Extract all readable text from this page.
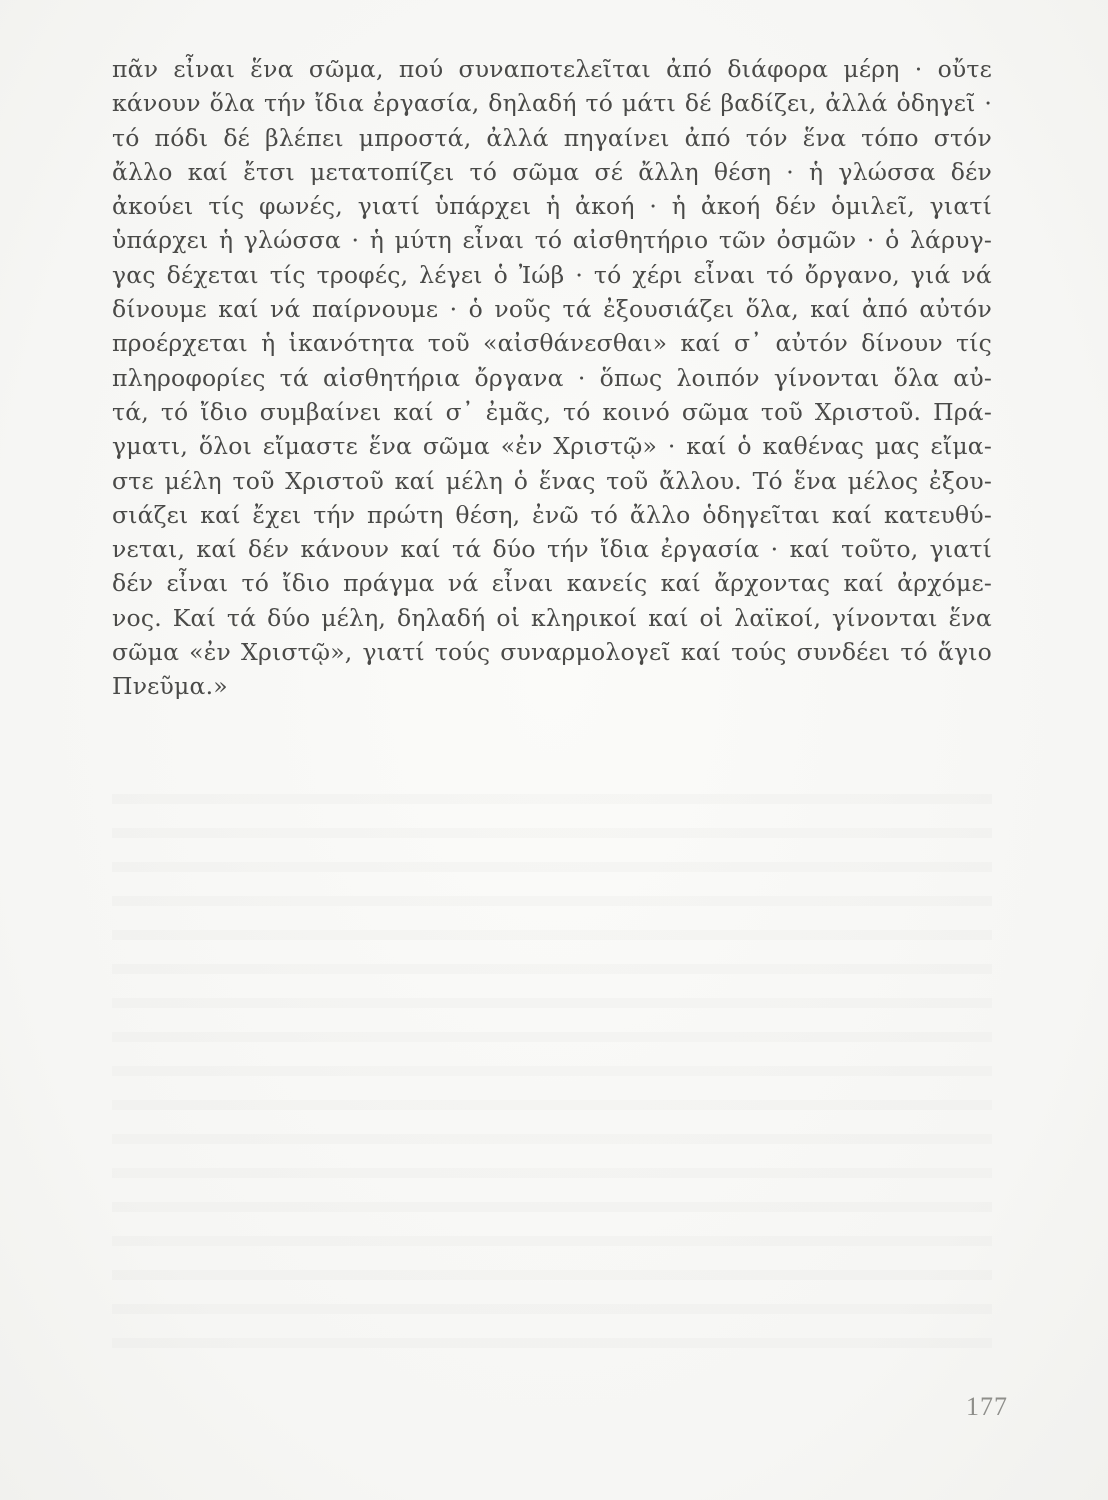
πᾶν εἶναι ἕνα σῶμα, πού συναποτελεῖται ἀπό διάφορα μέρη · οὔτε
κάνουν ὅλα τήν ἴδια ἐργασία, δηλαδή τό μάτι δέ βαδίζει, ἀλλά ὁδηγεῖ ·
τό πόδι δέ βλέπει μπροστά, ἀλλά πηγαίνει ἀπό τόν ἕνα τόπο στόν
ἄλλο καί ἔτσι μετατοπίζει τό σῶμα σέ ἄλλη θέση · ἡ γλώσσα δέν
ἀκούει τίς φωνές, γιατί ὑπάρχει ἡ ἀκοή · ἡ ἀκοή δέν ὁμιλεῖ, γιατί
ὑπάρχει ἡ γλώσσα · ἡ μύτη εἶναι τό αἰσθητήριο τῶν ὀσμῶν · ὁ λάρυγ-
γας δέχεται τίς τροφές, λέγει ὁ Ἰώβ · τό χέρι εἶναι τό ὄργανο, γιά νά
δίνουμε καί νά παίρνουμε · ὁ νοῦς τά ἐξουσιάζει ὅλα, καί ἀπό αὐτόν
προέρχεται ἡ ἱκανότητα τοῦ «αἰσθάνεσθαι» καί σ᾽ αὐτόν δίνουν τίς
πληροφορίες τά αἰσθητήρια ὄργανα · ὅπως λοιπόν γίνονται ὅλα αὐ-
τά, τό ἴδιο συμβαίνει καί σ᾽ ἐμᾶς, τό κοινό σῶμα τοῦ Χριστοῦ. Πρά-
γματι, ὅλοι εἴμαστε ἕνα σῶμα «ἐν Χριστῷ» · καί ὁ καθένας μας εἴμα-
στε μέλη τοῦ Χριστοῦ καί μέλη ὁ ἕνας τοῦ ἄλλου. Τό ἕνα μέλος ἐξου-
σιάζει καί ἔχει τήν πρώτη θέση, ἐνῶ τό ἄλλο ὁδηγεῖται καί κατευθύ-
νεται, καί δέν κάνουν καί τά δύο τήν ἴδια ἐργασία · καί τοῦτο, γιατί
δέν εἶναι τό ἴδιο πράγμα νά εἶναι κανείς καί ἄρχοντας καί ἀρχόμε-
νος. Καί τά δύο μέλη, δηλαδή οἱ κληρικοί καί οἱ λαϊκοί, γίνονται ἕνα
σῶμα «ἐν Χριστῷ», γιατί τούς συναρμολογεῖ καί τούς συνδέει τό ἅγιο
Πνεῦμα.»
177
